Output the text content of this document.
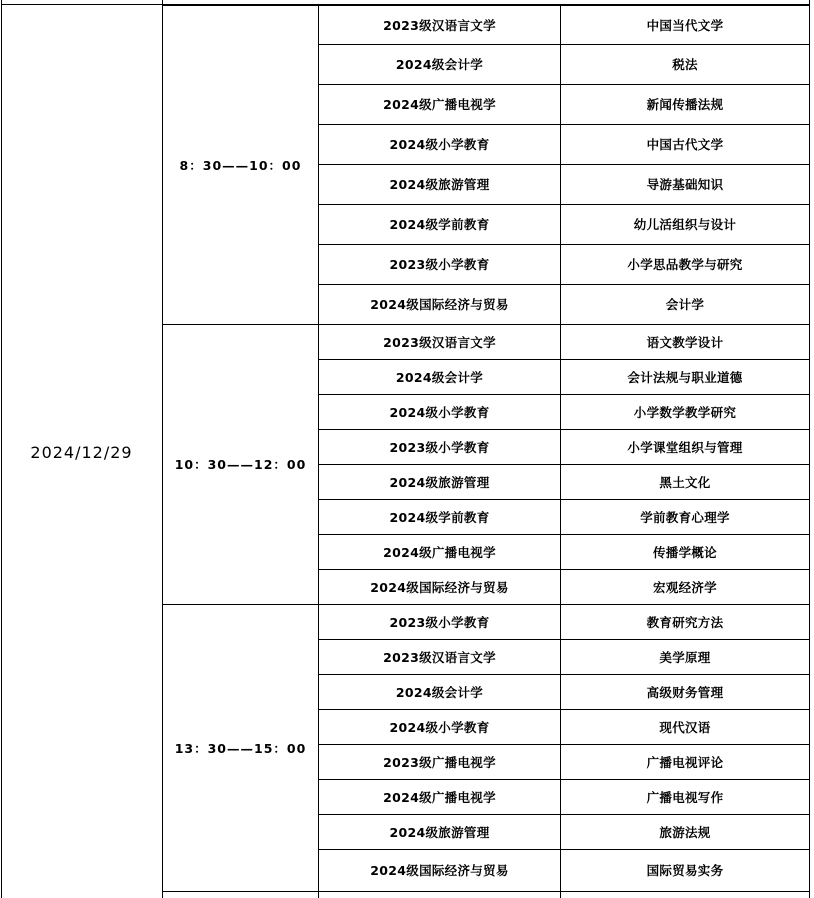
2024/12/29
8：30——10：00
2023级汉语言文学	中国当代文学
2024级会计学	税法
2024级广播电视学	新闻传播法规
2024级小学教育	中国古代文学
2024级旅游管理	导游基础知识
2024级学前教育	幼儿活组织与设计
2023级小学教育	小学思品教学与研究
2024级国际经济与贸易	会计学
10：30——12：00
2023级汉语言文学	语文教学设计
2024级会计学	会计法规与职业道德
2024级小学教育	小学数学教学研究
2023级小学教育	小学课堂组织与管理
2024级旅游管理	黑土文化
2024级学前教育	学前教育心理学
2024级广播电视学	传播学概论
2024级国际经济与贸易	宏观经济学
13：30——15：00
2023级小学教育	教育研究方法
2023级汉语言文学	美学原理
2024级会计学	高级财务管理
2024级小学教育	现代汉语
2023级广播电视学	广播电视评论
2024级广播电视学	广播电视写作
2024级旅游管理	旅游法规
2024级国际经济与贸易	国际贸易实务
